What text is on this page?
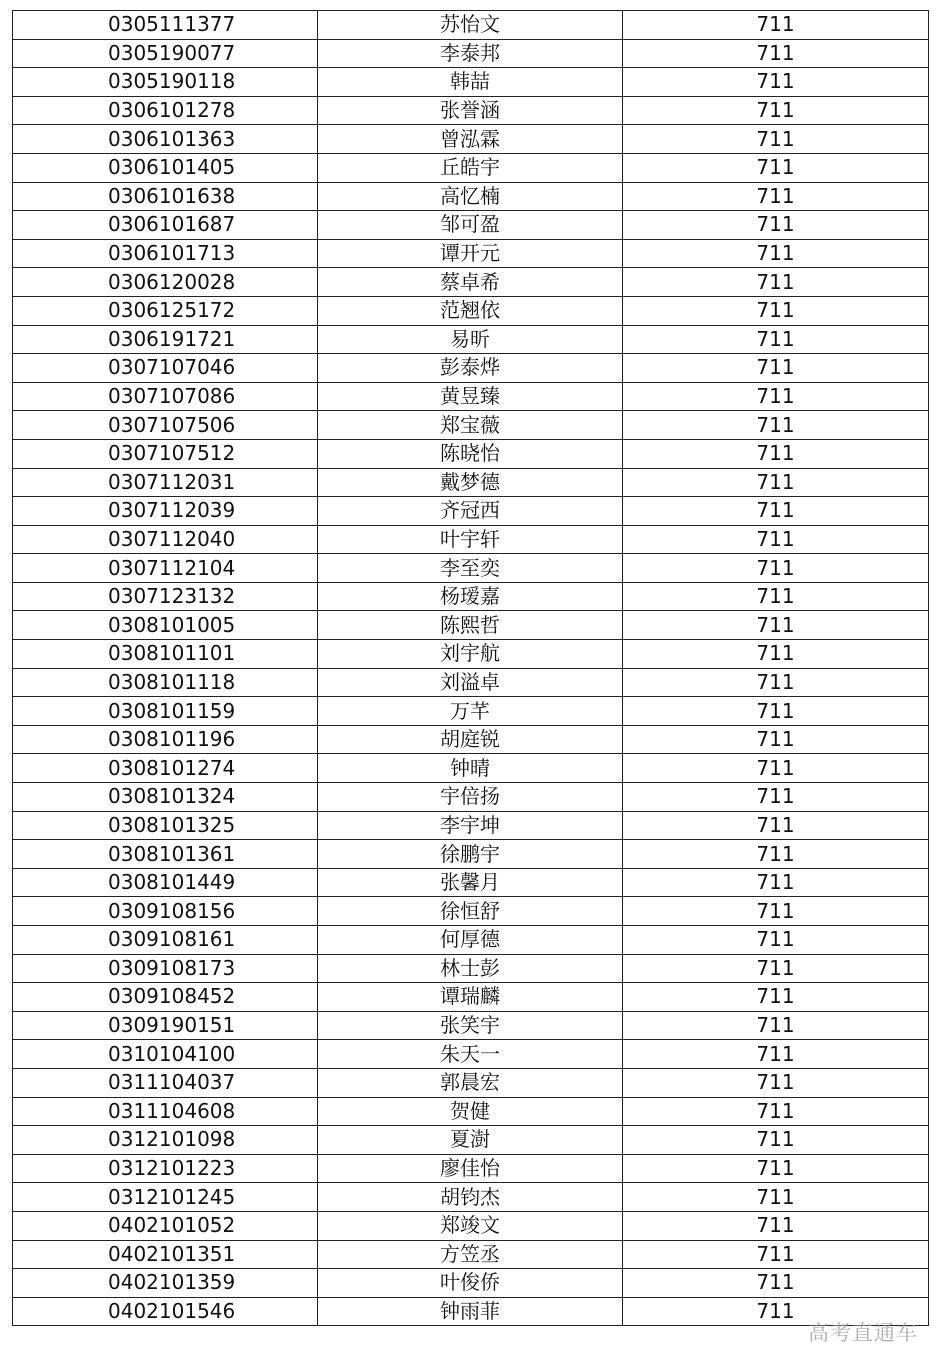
0305111377	苏怡文	711
0305190077	李泰邦	711
0305190118	韩喆	711
0306101278	张誉涵	711
0306101363	曾泓霖	711
0306101405	丘皓宇	711
0306101638	高忆楠	711
0306101687	邹可盈	711
0306101713	谭开元	711
0306120028	蔡卓希	711
0306125172	范翘依	711
0306191721	易昕	711
0307107046	彭泰烨	711
0307107086	黄昱臻	711
0307107506	郑宝薇	711
0307107512	陈晓怡	711
0307112031	戴梦德	711
0307112039	齐冠西	711
0307112040	叶宇轩	711
0307112104	李至奕	711
0307123132	杨瑷嘉	711
0308101005	陈熙哲	711
0308101101	刘宇航	711
0308101118	刘溢卓	711
0308101159	万芊	711
0308101196	胡庭锐	711
0308101274	钟晴	711
0308101324	宇倍扬	711
0308101325	李宇坤	711
0308101361	徐鹏宇	711
0308101449	张馨月	711
0309108156	徐恒舒	711
0309108161	何厚德	711
0309108173	林士彭	711
0309108452	谭瑞麟	711
0309190151	张笑宇	711
0310104100	朱天一	711
0311104037	郭晨宏	711
0311104608	贺健	711
0312101098	夏澍	711
0312101223	廖佳怡	711
0312101245	胡钧杰	711
0402101052	郑竣文	711
0402101351	方笠丞	711
0402101359	叶俊侨	711
0402101546	钟雨菲	711
高考直通车
